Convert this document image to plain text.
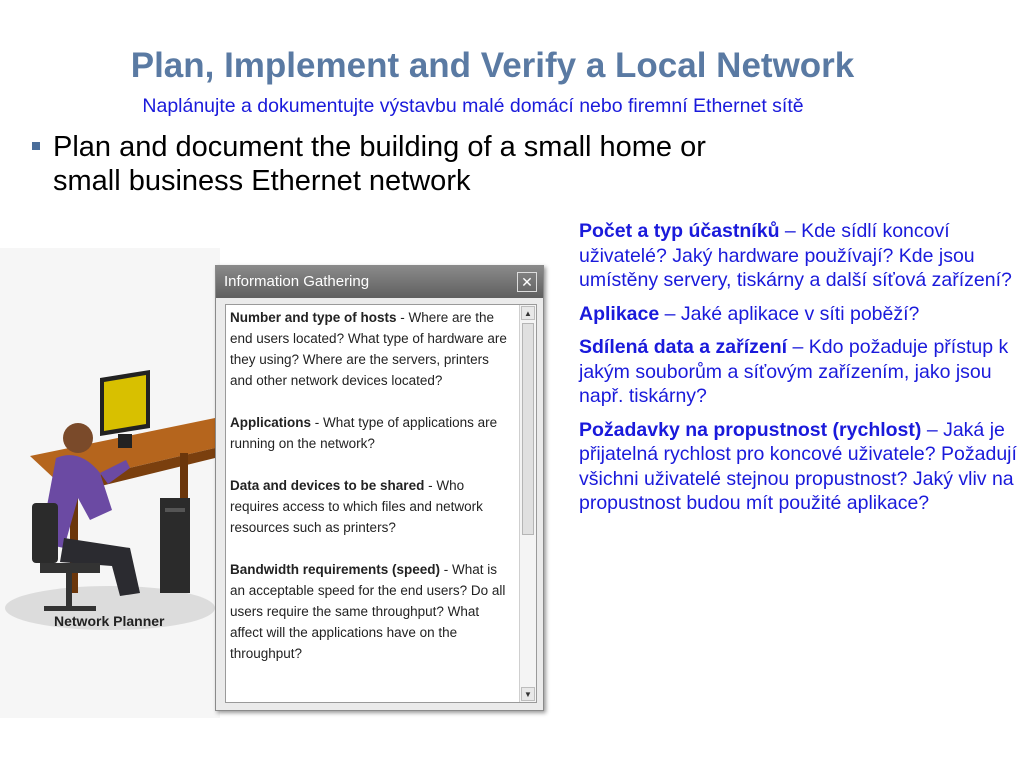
Plan, Implement and Verify a Local Network
Naplánujte a dokumentujte výstavbu malé domácí nebo firemní Ethernet sítě
Plan and document the building of a small home or
small business Ethernet network
Network Planner
Information Gathering	✕

Number and type of hosts - Where are the end users located? What type of hardware are they using? Where are the servers, printers and other network devices located?

Applications - What type of applications are running on the network?

Data and devices to be shared - Who requires access to which files and network resources such as printers?

Bandwidth requirements (speed) - What is an acceptable speed for the end users? Do all users require the same throughput? What affect will the applications have on the throughput?

▲
▼

Počet a typ účastníků – Kde sídlí koncoví uživatelé? Jaký hardware používají? Kde jsou umístěny servery, tiskárny a další síťová zařízení?

Aplikace – Jaké aplikace v síti poběží?

Sdílená data a zařízení – Kdo požaduje přístup k jakým souborům a síťovým zařízením, jako jsou např. tiskárny?

Požadavky na propustnost (rychlost) – Jaká je přijatelná rychlost pro koncové uživatele? Požadují všichni uživatelé stejnou propustnost? Jaký vliv na propustnost budou mít použité aplikace?
